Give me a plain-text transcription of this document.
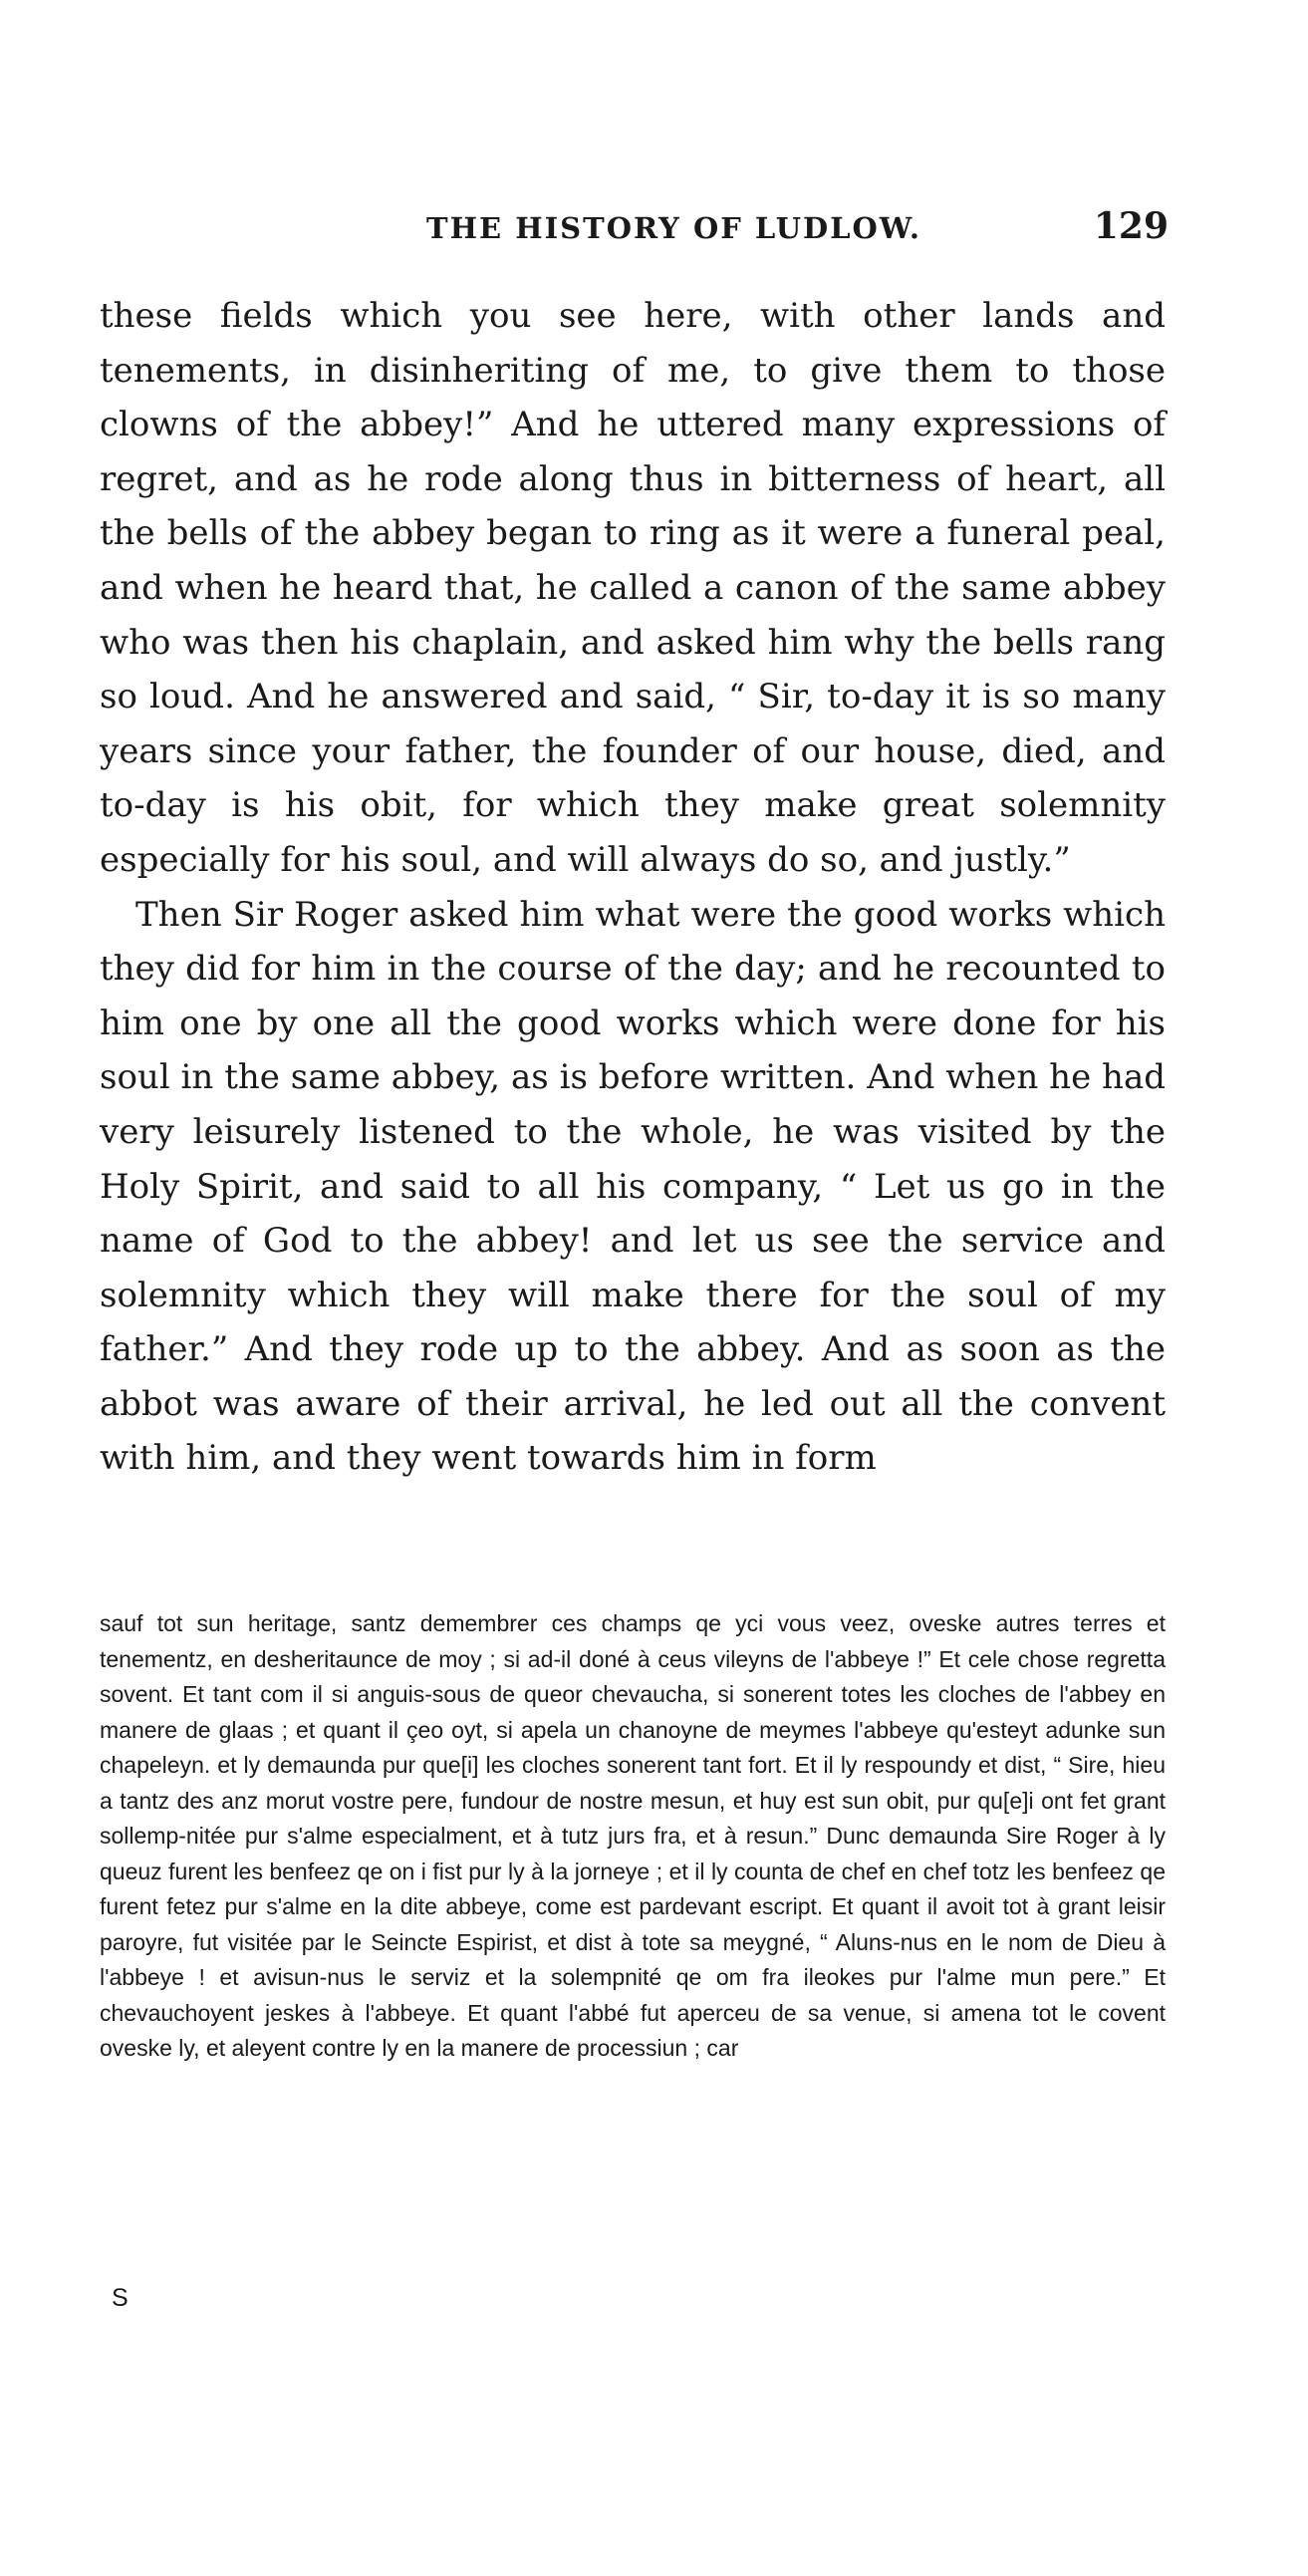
THE HISTORY OF LUDLOW.	129

these fields which you see here, with other lands and tenements, in disinheriting of me, to give them to those clowns of the abbey!” And he uttered many expressions of regret, and as he rode along thus in bitterness of heart, all the bells of the abbey began to ring as it were a funeral peal, and when he heard that, he called a canon of the same abbey who was then his chaplain, and asked him why the bells rang so loud. And he answered and said, “ Sir, to-day it is so many years since your father, the founder of our house, died, and to-day is his obit, for which they make great solemnity especially for his soul, and will always do so, and justly.”

Then Sir Roger asked him what were the good works which they did for him in the course of the day; and he recounted to him one by one all the good works which were done for his soul in the same abbey, as is before written. And when he had very leisurely listened to the whole, he was visited by the Holy Spirit, and said to all his company, “ Let us go in the name of God to the abbey! and let us see the service and solemnity which they will make there for the soul of my father.” And they rode up to the abbey. And as soon as the abbot was aware of their arrival, he led out all the convent with him, and they went towards him in form

sauf tot sun heritage, santz demembrer ces champs qe yci vous veez, oveske autres terres et tenementz, en desheritaunce de moy ; si ad-il doné à ceus vileyns de l'abbeye !” Et cele chose regretta sovent. Et tant com il si anguis-sous de queor chevaucha, si sonerent totes les cloches de l'abbey en manere de glaas ; et quant il çeo oyt, si apela un chanoyne de meymes l'abbeye qu'esteyt adunke sun chapeleyn. et ly demaunda pur que[i] les cloches sonerent tant fort. Et il ly respoundy et dist, “ Sire, hieu a tantz des anz morut vostre pere, fundour de nostre mesun, et huy est sun obit, pur qu[e]i ont fet grant sollemp-nitée pur s'alme especialment, et à tutz jurs fra, et à resun.” Dunc demaunda Sire Roger à ly queuz furent les benfeez qe on i fist pur ly à la jorneye ; et il ly counta de chef en chef totz les benfeez qe furent fetez pur s'alme en la dite abbeye, come est pardevant escript. Et quant il avoit tot à grant leisir paroyre, fut visitée par le Seincte Espirist, et dist à tote sa meygné, “ Aluns-nus en le nom de Dieu à l'abbeye ! et avisun-nus le serviz et la solempnité qe om fra ileokes pur l'alme mun pere.” Et chevauchoyent jeskes à l'abbeye. Et quant l'abbé fut aperceu de sa venue, si amena tot le covent oveske ly, et aleyent contre ly en la manere de processiun ; car

S
